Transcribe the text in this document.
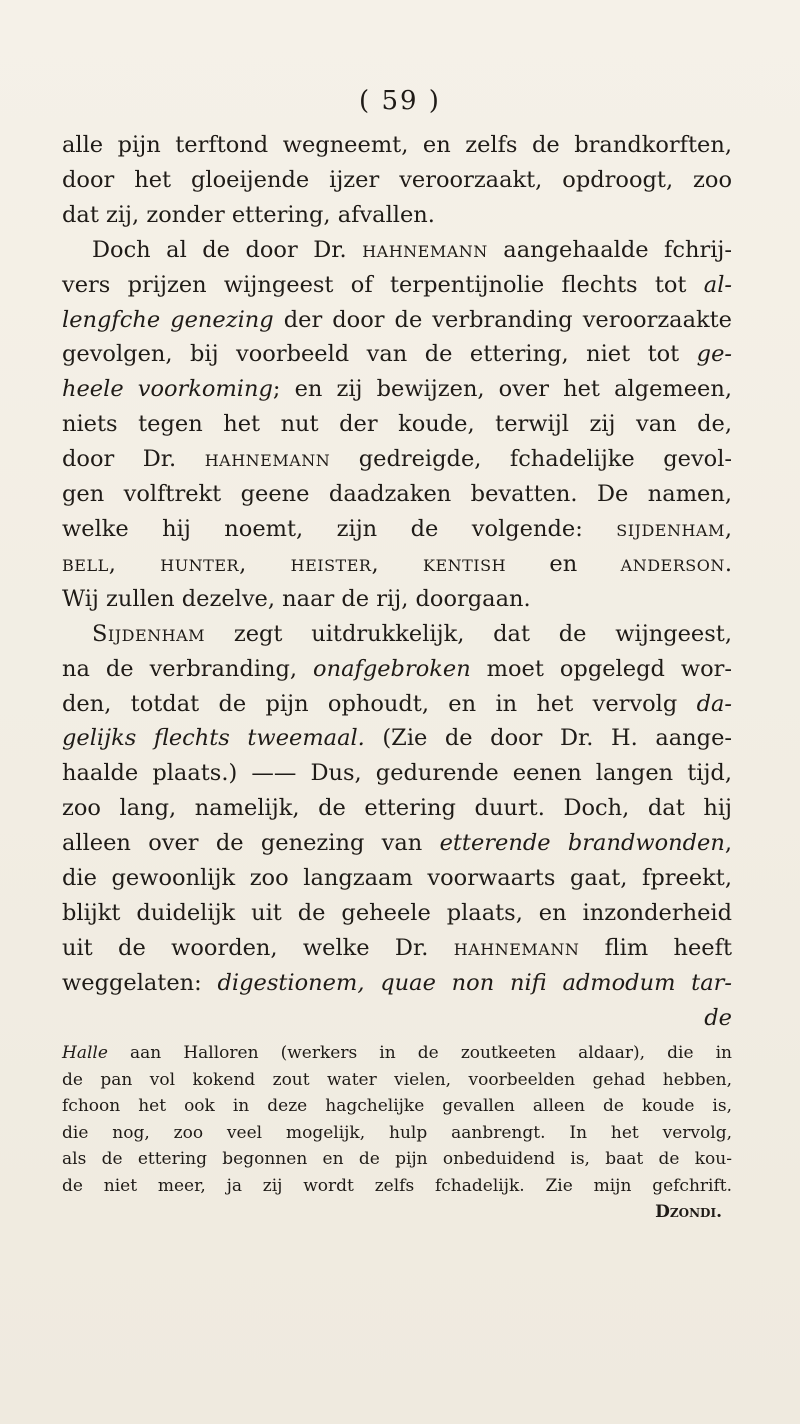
( 59 )
alle pijn terftond wegneemt, en zelfs de brandkorften,
door het gloeijende ijzer veroorzaakt, opdroogt, zoo
dat zij, zonder ettering, afvallen.
Doch al de door Dr. hahnemann aangehaalde fchrij-
vers prijzen wijngeest of terpentijnolie flechts tot al-
lengfche genezing der door de verbranding veroorzaakte
gevolgen, bij voorbeeld van de ettering, niet tot ge-
heele voorkoming; en zij bewijzen, over het algemeen,
niets tegen het nut der koude, terwijl zij van de,
door Dr. hahnemann gedreigde, fchadelijke gevol-
gen volftrekt geene daadzaken bevatten. De namen,
welke hij noemt, zijn de volgende: sijdenham,
bell, hunter, heister, kentish en anderson.
Wij zullen dezelve, naar de rij, doorgaan.
Sijdenham zegt uitdrukkelijk, dat de wijngeest,
na de verbranding, onafgebroken moet opgelegd wor-
den, totdat de pijn ophoudt, en in het vervolg da-
gelijks flechts tweemaal. (Zie de door Dr. H. aange-
haalde plaats.) —— Dus, gedurende eenen langen tijd,
zoo lang, namelijk, de ettering duurt. Doch, dat hij
alleen over de genezing van etterende brandwonden,
die gewoonlijk zoo langzaam voorwaarts gaat, fpreekt,
blijkt duidelijk uit de geheele plaats, en inzonderheid
uit de woorden, welke Dr. hahnemann flim heeft
weggelaten: digestionem, quae non nifi admodum tar-
de
Halle aan Halloren (werkers in de zoutkeeten aldaar), die in
de pan vol kokend zout water vielen, voorbeelden gehad hebben,
fchoon het ook in deze hagchelijke gevallen alleen de koude is,
die nog, zoo veel mogelijk, hulp aanbrengt. In het vervolg,
als de ettering begonnen en de pijn onbeduidend is, baat de kou-
de niet meer, ja zij wordt zelfs fchadelijk. Zie mijn gefchrift.
Dzondi.
